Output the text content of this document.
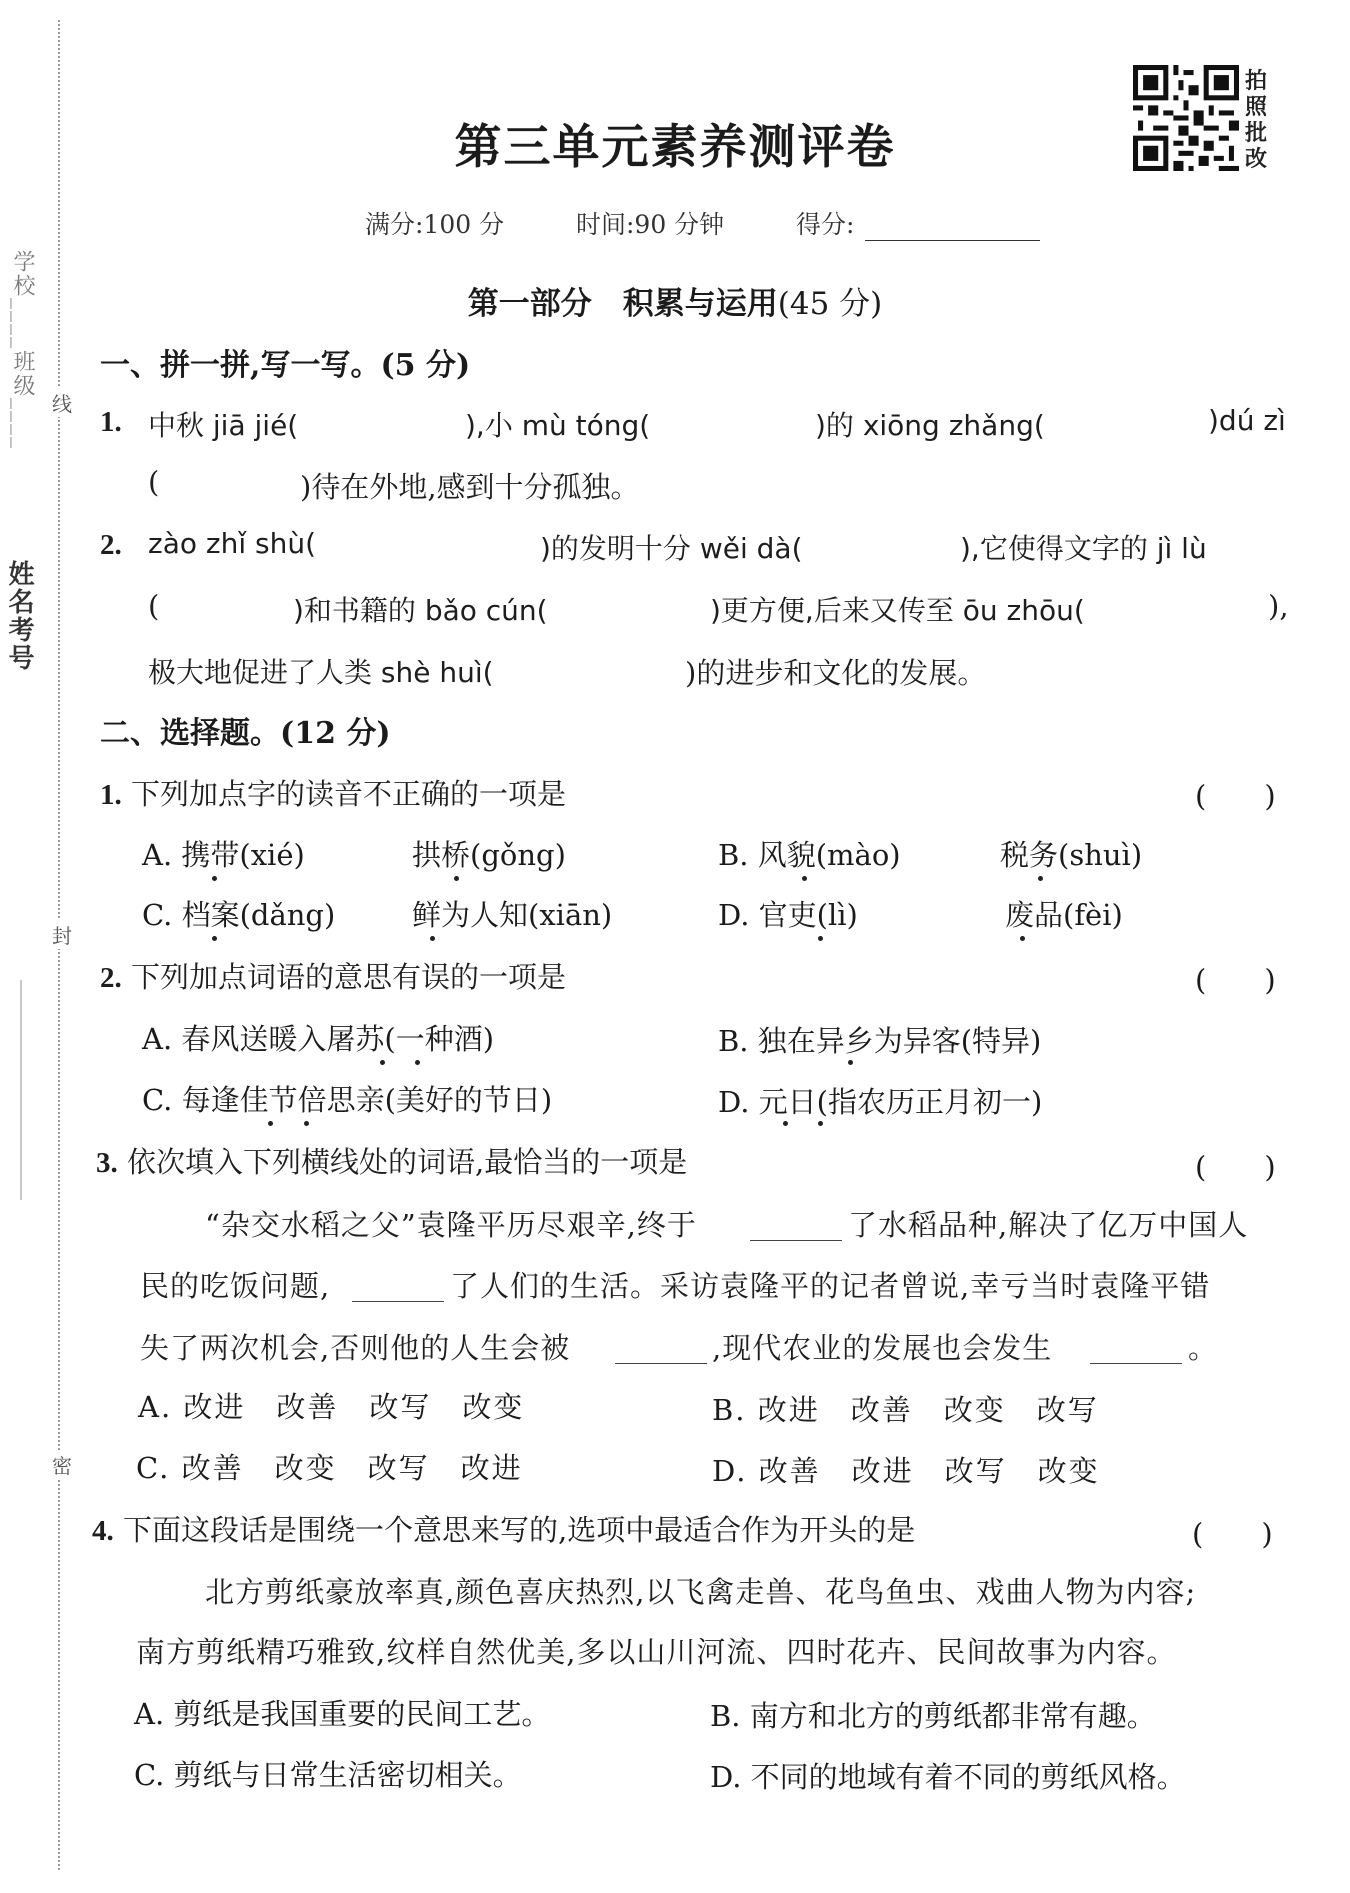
线
封
密
学校____班级____
姓名考号
第三单元素养测评卷
拍照批改
满分:100 分	时间:90 分钟	得分:
第一部分　积累与运用(45 分)
一、拼一拼,写一写。(5 分)
1. 中秋 jiā jié(	),小 mù tóng(	)的 xiōng zhǎng(	)dú zì
(	)待在外地,感到十分孤独。
2. zào zhǐ shù(	)的发明十分 wěi dà(	),它使得文字的 jì lù
(	)和书籍的 bǎo cún(	)更方便,后来又传至 ōu zhōu(	),
极大地促进了人类 shè huì(	)的进步和文化的发展。
二、选择题。(12 分)
1. 下列加点字的读音不正确的一项是	(　　)
A. 携带(xié)	拱桥(gǒng)	B. 风貌(mào)	税务(shuì)
C. 档案(dǎng)	鲜为人知(xiān)	D. 官吏(lì)	废品(fèi)
2. 下列加点词语的意思有误的一项是	(　　)
A. 春风送暖入屠苏(一种酒)	B. 独在异乡为异客(特异)
C. 每逢佳节倍思亲(美好的节日)	D. 元日(指农历正月初一)
3. 依次填入下列横线处的词语,最恰当的一项是	(　　)
“杂交水稻之父”袁隆平历尽艰辛,终于	了水稻品种,解决了亿万中国人
民的吃饭问题,	了人们的生活。采访袁隆平的记者曾说,幸亏当时袁隆平错
失了两次机会,否则他的人生会被	,现代农业的发展也会发生	。
A. 改进　改善　改写　改变	B. 改进　改善　改变　改写
C. 改善　改变　改写　改进	D. 改善　改进　改写　改变
4. 下面这段话是围绕一个意思来写的,选项中最适合作为开头的是	(　　)
北方剪纸豪放率真,颜色喜庆热烈,以飞禽走兽、花鸟鱼虫、戏曲人物为内容;
南方剪纸精巧雅致,纹样自然优美,多以山川河流、四时花卉、民间故事为内容。
A. 剪纸是我国重要的民间工艺。	B. 南方和北方的剪纸都非常有趣。
C. 剪纸与日常生活密切相关。	D. 不同的地域有着不同的剪纸风格。
